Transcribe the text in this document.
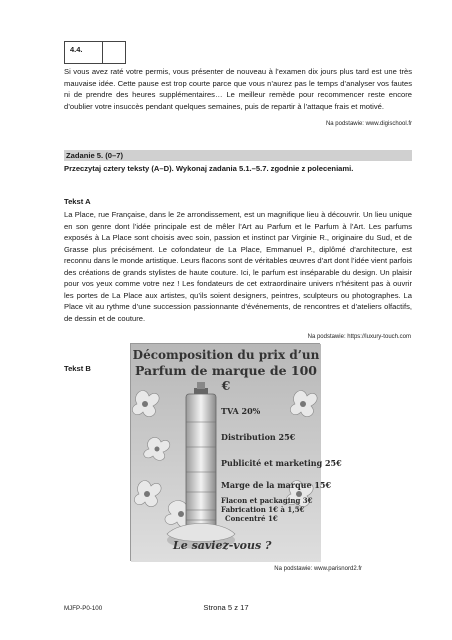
4.4.

Si vous avez raté votre permis, vous présenter de nouveau à l’examen dix jours plus tard est une très mauvaise idée. Cette pause est trop courte parce que vous n’aurez pas le temps d’analyser vos fautes ni de prendre des heures supplémentaires… Le meilleur remède pour recommencer reste encore d’oublier votre insuccès pendant quelques semaines, puis de repartir à l’attaque frais et motivé.

Na podstawie: www.digischool.fr
Zadanie 5. (0–7)
Przeczytaj cztery teksty (A–D). Wykonaj zadania 5.1.–5.7. zgodnie z poleceniami.
Tekst A

La Place, rue Française, dans le 2e arrondissement, est un magnifique lieu à découvrir. Un lieu unique en son genre dont l’idée principale est de mêler l’Art au Parfum et le Parfum à l’Art. Les parfums exposés à La Place sont choisis avec soin, passion et instinct par Virginie R., originaire du Sud, et de Grasse plus précisément. Le cofondateur de La Place, Emmanuel P., diplômé d’architecture, est reconnu dans le monde artistique. Leurs flacons sont de véritables œuvres d’art dont l’idée vient parfois des créations de grands stylistes de haute couture. Ici, le parfum est inséparable du design. Un plaisir pour vos yeux comme votre nez ! Les fondateurs de cet extraordinaire univers n’hésitent pas à ouvrir les portes de La Place aux artistes, qu’ils soient designers, peintres, sculpteurs ou photographes. La Place vit au rythme d’une succession passionnante d’événements, de rencontres et d’ateliers olfactifs, de dessin et de couture.

Na podstawie: https://luxury-touch.com
Tekst B
Décomposition du prix d’un
Parfum de marque de 100 €
TVA 20%
Distribution 25€
Publicité et marketing 25€
Marge de la marque 15€
Flacon et packaging 3€
Fabrication 1€ à 1,5€
Concentré 1€
Le saviez-vous ?
Na podstawie: www.parisnord2.fr
MJFP-P0-100	Strona 5 z 17
